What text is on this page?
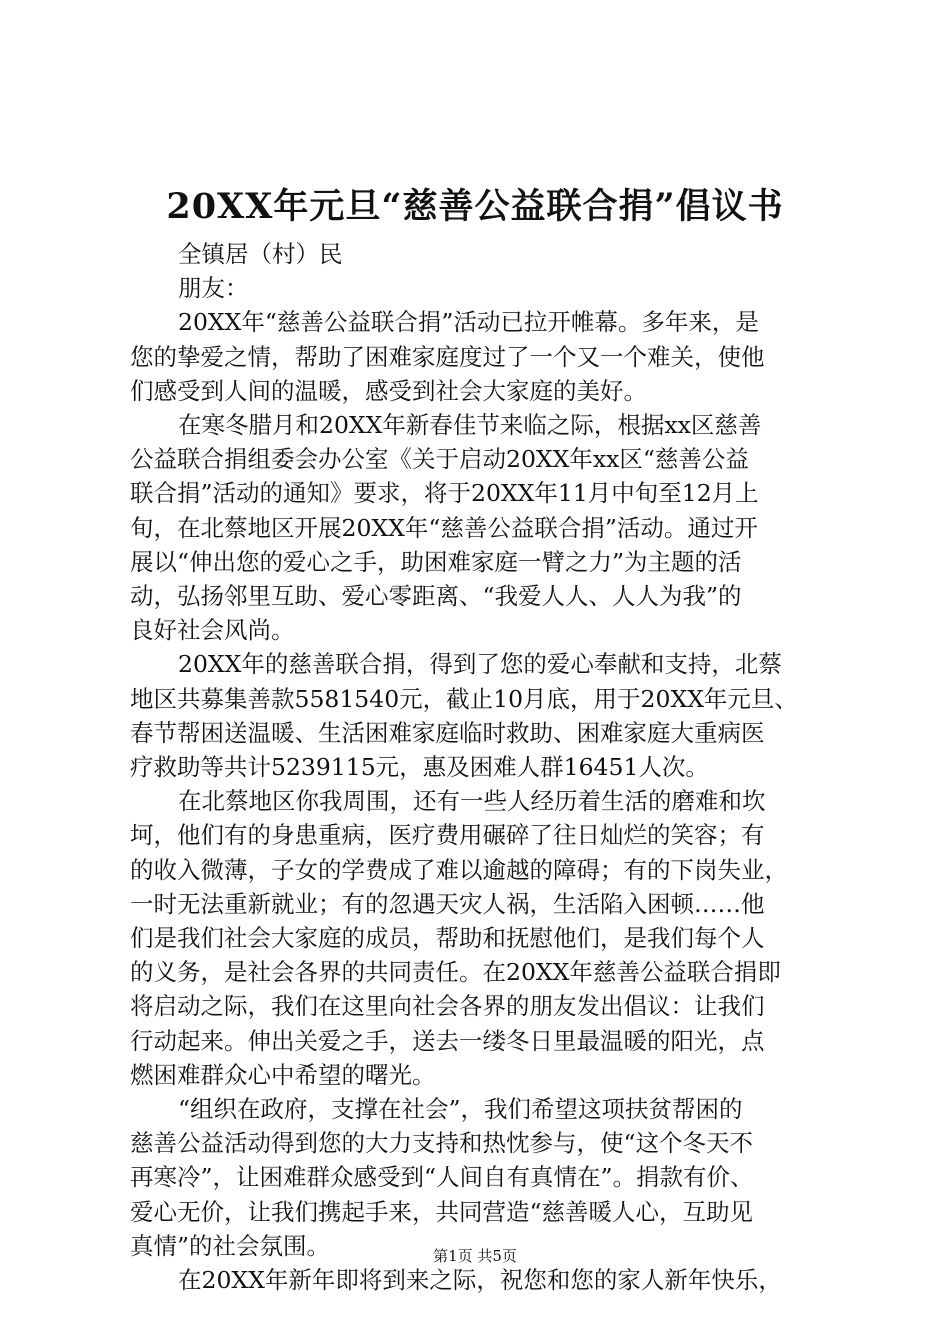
20XX年元旦“慈善公益联合捐”倡议书

全镇居（村）民

朋友：

20XX年“慈善公益联合捐”活动已拉开帷幕。多年来，是
您的挚爱之情，帮助了困难家庭度过了一个又一个难关，使他
们感受到人间的温暖，感受到社会大家庭的美好。

在寒冬腊月和20XX年新春佳节来临之际，根据xx区慈善
公益联合捐组委会办公室《关于启动20XX年xx区“慈善公益
联合捐”活动的通知》要求，将于20XX年11月中旬至12月上
旬，在北蔡地区开展20XX年“慈善公益联合捐”活动。通过开
展以“伸出您的爱心之手，助困难家庭一臂之力”为主题的活
动，弘扬邻里互助、爱心零距离、“我爱人人、人人为我”的
良好社会风尚。

20XX年的慈善联合捐，得到了您的爱心奉献和支持，北蔡
地区共募集善款5581540元，截止10月底，用于20XX年元旦、
春节帮困送温暖、生活困难家庭临时救助、困难家庭大重病医
疗救助等共计5239115元，惠及困难人群16451人次。

在北蔡地区你我周围，还有一些人经历着生活的磨难和坎
坷，他们有的身患重病，医疗费用碾碎了往日灿烂的笑容；有
的收入微薄，子女的学费成了难以逾越的障碍；有的下岗失业，
一时无法重新就业；有的忽遇天灾人祸，生活陷入困顿……他
们是我们社会大家庭的成员，帮助和抚慰他们，是我们每个人
的义务，是社会各界的共同责任。在20XX年慈善公益联合捐即
将启动之际，我们在这里向社会各界的朋友发出倡议：让我们
行动起来。伸出关爱之手，送去一缕冬日里最温暖的阳光，点
燃困难群众心中希望的曙光。

“组织在政府，支撑在社会”，我们希望这项扶贫帮困的
慈善公益活动得到您的大力支持和热忱参与，使“这个冬天不
再寒冷”，让困难群众感受到“人间自有真情在”。捐款有价、
爱心无价，让我们携起手来，共同营造“慈善暖人心，互助见
真情”的社会氛围。

在20XX年新年即将到来之际，祝您和您的家人新年快乐，

第1页 共5页
